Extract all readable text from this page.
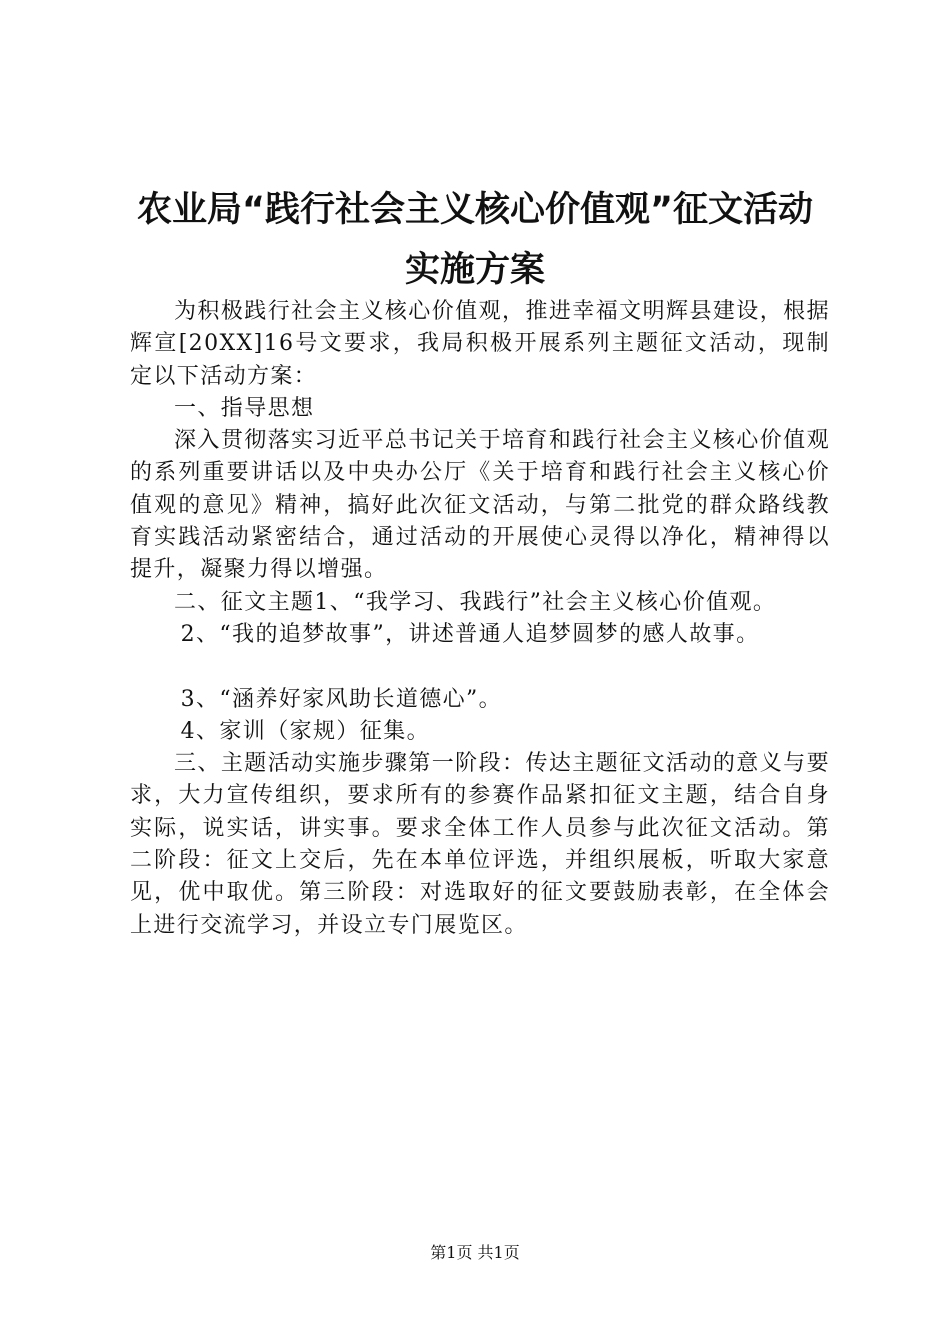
农业局“践行社会主义核心价值观”征文活动
实施方案

为积极践行社会主义核心价值观，推进幸福文明辉县建设，根据辉宣[20XX]16号文要求，我局积极开展系列主题征文活动，现制定以下活动方案：

一、指导思想

深入贯彻落实习近平总书记关于培育和践行社会主义核心价值观的系列重要讲话以及中央办公厅《关于培育和践行社会主义核心价值观的意见》精神，搞好此次征文活动，与第二批党的群众路线教育实践活动紧密结合，通过活动的开展使心灵得以净化，精神得以提升，凝聚力得以增强。

二、征文主题1、“我学习、我践行”社会主义核心价值观。

2、“我的追梦故事”，讲述普通人追梦圆梦的感人故事。

3、“涵养好家风助长道德心”。

4、家训（家规）征集。

三、主题活动实施步骤第一阶段：传达主题征文活动的意义与要求，大力宣传组织，要求所有的参赛作品紧扣征文主题，结合自身实际，说实话，讲实事。要求全体工作人员参与此次征文活动。第二阶段：征文上交后，先在本单位评选，并组织展板，听取大家意见，优中取优。第三阶段：对选取好的征文要鼓励表彰，在全体会上进行交流学习，并设立专门展览区。

第1页 共1页
